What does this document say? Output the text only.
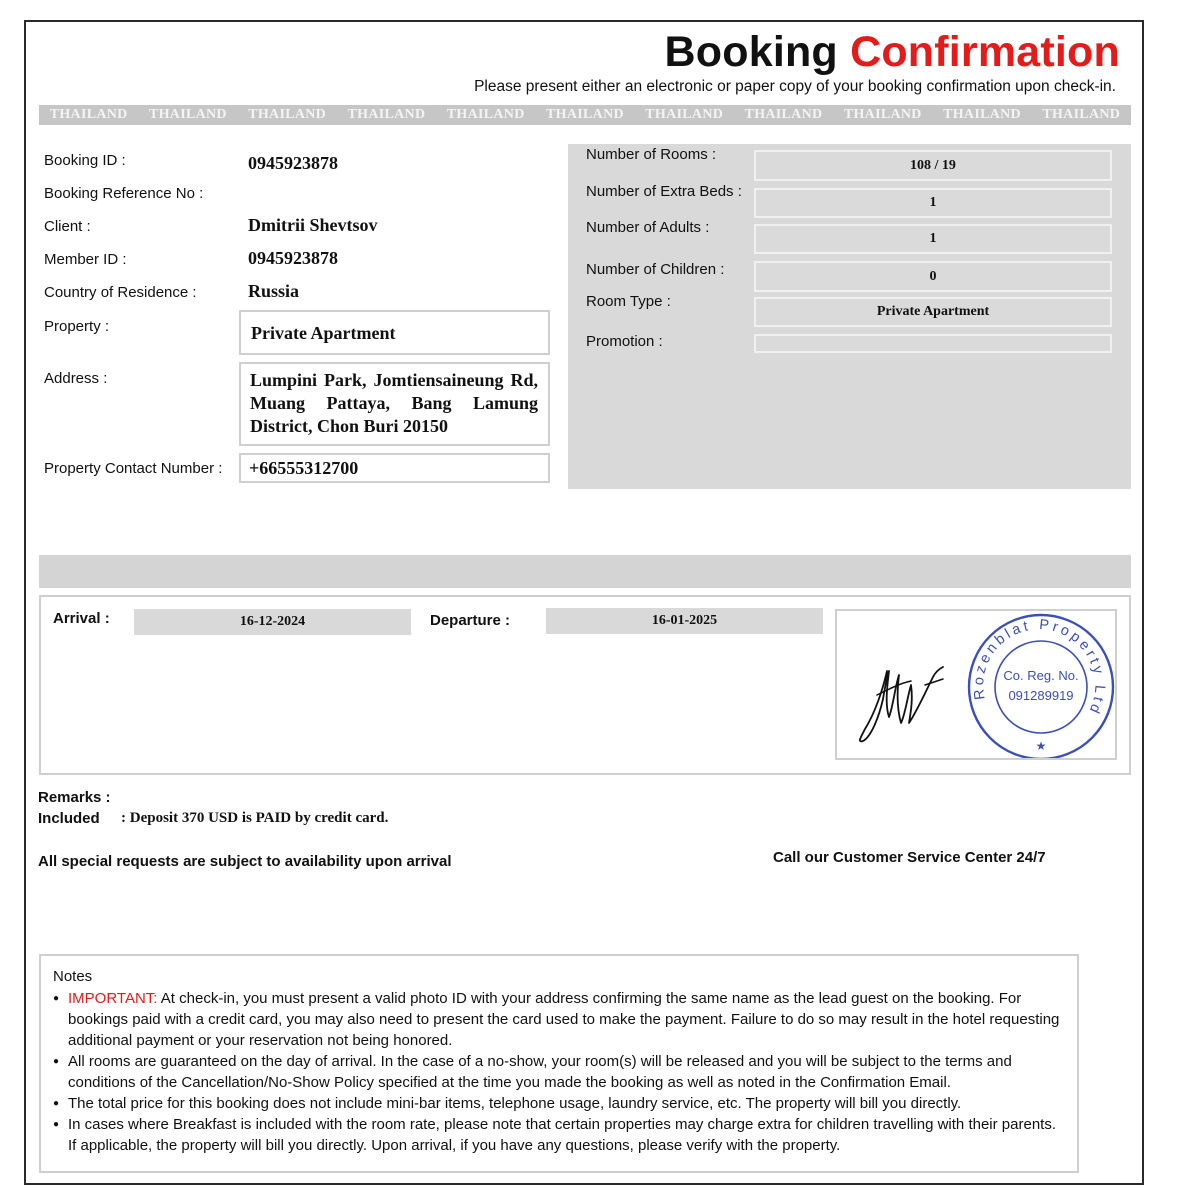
Booking Confirmation
Please present either an electronic or paper copy of your booking confirmation upon check-in.
THAILAND THAILAND THAILAND THAILAND THAILAND THAILAND THAILAND THAILAND THAILAND THAILAND THAILAND
Booking ID :	0945923878
Booking Reference No :
Client :	Dmitrii Shevtsov
Member ID :	0945923878
Country of Residence :	Russia
Property :	Private Apartment
Address :	Lumpini Park, Jomtiensaineung Rd, Muang Pattaya, Bang Lamung District, Chon Buri 20150
Property Contact Number :	+66555312700
Number of Rooms :
108 / 19
Number of Extra Beds :
1
Number of Adults :
1
Number of Children :	0
Room Type :
Private Apartment
Promotion :
Arrival :	16-12-2024	Departure :	16-01-2025
Rozenblat Property Ltd
Co. Reg. No.
091289919
★
Remarks :
Included : Deposit 370 USD is PAID by credit card.
All special requests are subject to availability upon arrival	Call our Customer Service Center 24/7
Notes
● IMPORTANT: At check-in, you must present a valid photo ID with your address confirming the same name as the lead guest on the booking. For bookings paid with a credit card, you may also need to present the card used to make the payment. Failure to do so may result in the hotel requesting additional payment or your reservation not being honored.
● All rooms are guaranteed on the day of arrival. In the case of a no-show, your room(s) will be released and you will be subject to the terms and conditions of the Cancellation/No-Show Policy specified at the time you made the booking as well as noted in the Confirmation Email.
● The total price for this booking does not include mini-bar items, telephone usage, laundry service, etc. The property will bill you directly.
● In cases where Breakfast is included with the room rate, please note that certain properties may charge extra for children travelling with their parents. If applicable, the property will bill you directly. Upon arrival, if you have any questions, please verify with the property.
